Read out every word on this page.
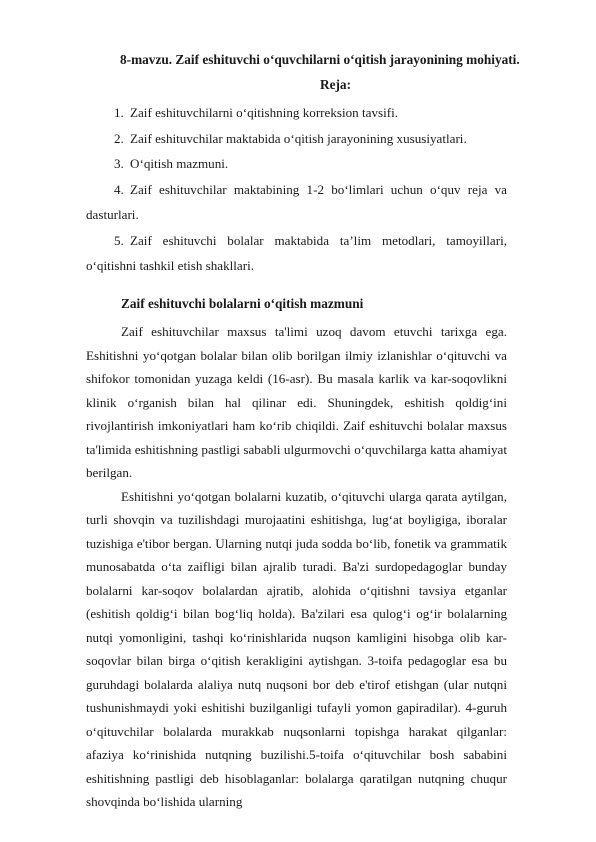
8-mavzu. Zaif eshituvchi o‘quvchilarni o‘qitish jarayonining mohiyati.
Reja:
1. Zaif eshituvchilarni o‘qitishning korreksion tavsifi.
2. Zaif eshituvchilar maktabida o‘qitish jarayonining xususiyatlari.
3. O‘qitish mazmuni.
4. Zaif eshituvchilar maktabining 1-2 bo‘limlari uchun o‘quv reja va dasturlari.
5. Zaif eshituvchi bolalar maktabida ta’lim metodlari, tamoyillari, o‘qitishni tashkil etish shakllari.
Zaif eshituvchi bolalarni o‘qitish mazmuni

Zaif eshituvchilar maxsus ta'limi uzoq davom etuvchi tarixga ega. Eshitishni yo‘qotgan bolalar bilan olib borilgan ilmiy izlanishlar o‘qituvchi va shifokor tomonidan yuzaga keldi (16-asr). Bu masala karlik va kar-soqovlikni klinik o‘rganish bilan hal qilinar edi. Shuningdek, eshitish qoldig‘ini rivojlantirish imkoniyatlari ham ko‘rib chiqildi. Zaif eshituvchi bolalar maxsus ta'limida eshitishning pastligi sababli ulgurmovchi o‘quvchilarga katta ahamiyat berilgan.

Eshitishni yo‘qotgan bolalarni kuzatib, o‘qituvchi ularga qarata aytilgan, turli shovqin va tuzilishdagi murojaatini eshitishga, lug‘at boyligiga, iboralar tuzishiga e'tibor bergan. Ularning nutqi juda sodda bo‘lib, fonetik va grammatik munosabatda o‘ta zaifligi bilan ajralib turadi. Ba'zi surdopedagoglar bunday bolalarni kar-soqov bolalardan ajratib, alohida o‘qitishni tavsiya etganlar (eshitish qoldig‘i bilan bog‘liq holda). Ba'zilari esa qulog‘i og‘ir bolalarning nutqi yomonligini, tashqi ko‘rinishlarida nuqson kamligini hisobga olib kar-soqovlar bilan birga o‘qitish kerakligini aytishgan. 3-toifa pedagoglar esa bu guruhdagi bolalarda alaliya nutq nuqsoni bor deb e'tirof etishgan (ular nutqni tushunishmaydi yoki eshitishi buzilganligi tufayli yomon gapiradilar). 4-guruh o‘qituvchilar bolalarda murakkab nuqsonlarni topishga harakat qilganlar: afaziya ko‘rinishida nutqning buzilishi.5-toifa o‘qituvchilar bosh sababini eshitishning pastligi deb hisoblaganlar: bolalarga qaratilgan nutqning chuqur shovqinda bo‘lishida ularning
